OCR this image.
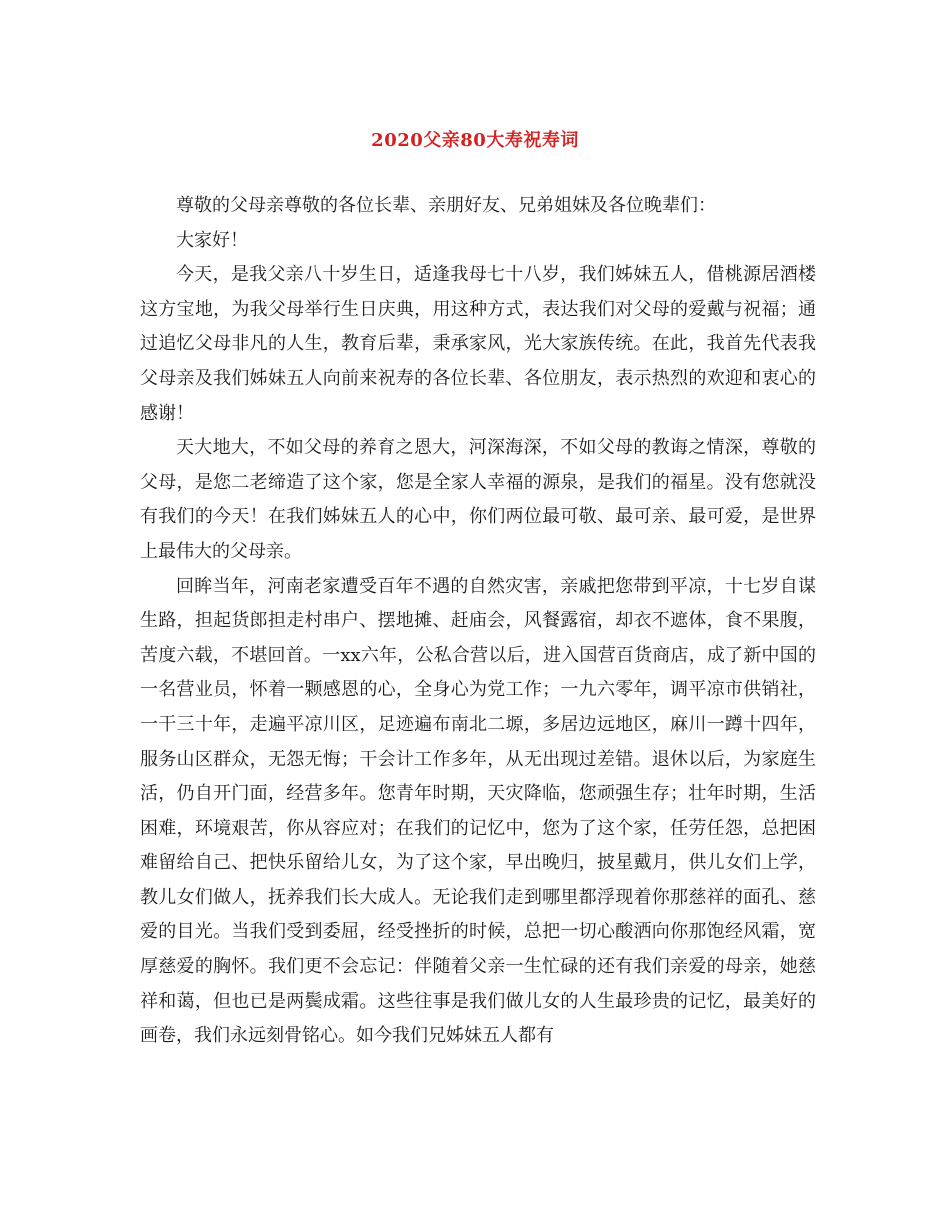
2020父亲80大寿祝寿词

尊敬的父母亲尊敬的各位长辈、亲朋好友、兄弟姐妹及各位晚辈们：

大家好！

今天，是我父亲八十岁生日，适逢我母七十八岁，我们姊妹五人，借桃源居酒楼这方宝地，为我父母举行生日庆典，用这种方式，表达我们对父母的爱戴与祝福；通过追忆父母非凡的人生，教育后辈，秉承家风，光大家族传统。在此，我首先代表我父母亲及我们姊妹五人向前来祝寿的各位长辈、各位朋友，表示热烈的欢迎和衷心的感谢！

天大地大，不如父母的养育之恩大，河深海深，不如父母的教诲之情深，尊敬的父母，是您二老缔造了这个家，您是全家人幸福的源泉，是我们的福星。没有您就没有我们的今天！在我们姊妹五人的心中，你们两位最可敬、最可亲、最可爱，是世界上最伟大的父母亲。

回眸当年，河南老家遭受百年不遇的自然灾害，亲戚把您带到平凉，十七岁自谋生路，担起货郎担走村串户、摆地摊、赶庙会，风餐露宿，却衣不遮体，食不果腹，苦度六载，不堪回首。一xx六年，公私合营以后，进入国营百货商店，成了新中国的一名营业员，怀着一颗感恩的心，全身心为党工作；一九六零年，调平凉市供销社，一干三十年，走遍平凉川区，足迹遍布南北二塬，多居边远地区，麻川一蹲十四年，服务山区群众，无怨无悔；干会计工作多年，从无出现过差错。退休以后，为家庭生活，仍自开门面，经营多年。您青年时期，天灾降临，您顽强生存；壮年时期，生活困难，环境艰苦，你从容应对；在我们的记忆中，您为了这个家，任劳任怨，总把困难留给自己、把快乐留给儿女，为了这个家，早出晚归，披星戴月，供儿女们上学，教儿女们做人，抚养我们长大成人。无论我们走到哪里都浮现着你那慈祥的面孔、慈爱的目光。当我们受到委屈，经受挫折的时候，总把一切心酸洒向你那饱经风霜，宽厚慈爱的胸怀。我们更不会忘记：伴随着父亲一生忙碌的还有我们亲爱的母亲，她慈祥和蔼，但也已是两鬓成霜。这些往事是我们做儿女的人生最珍贵的记忆，最美好的画卷，我们永远刻骨铭心。如今我们兄姊妹五人都有
